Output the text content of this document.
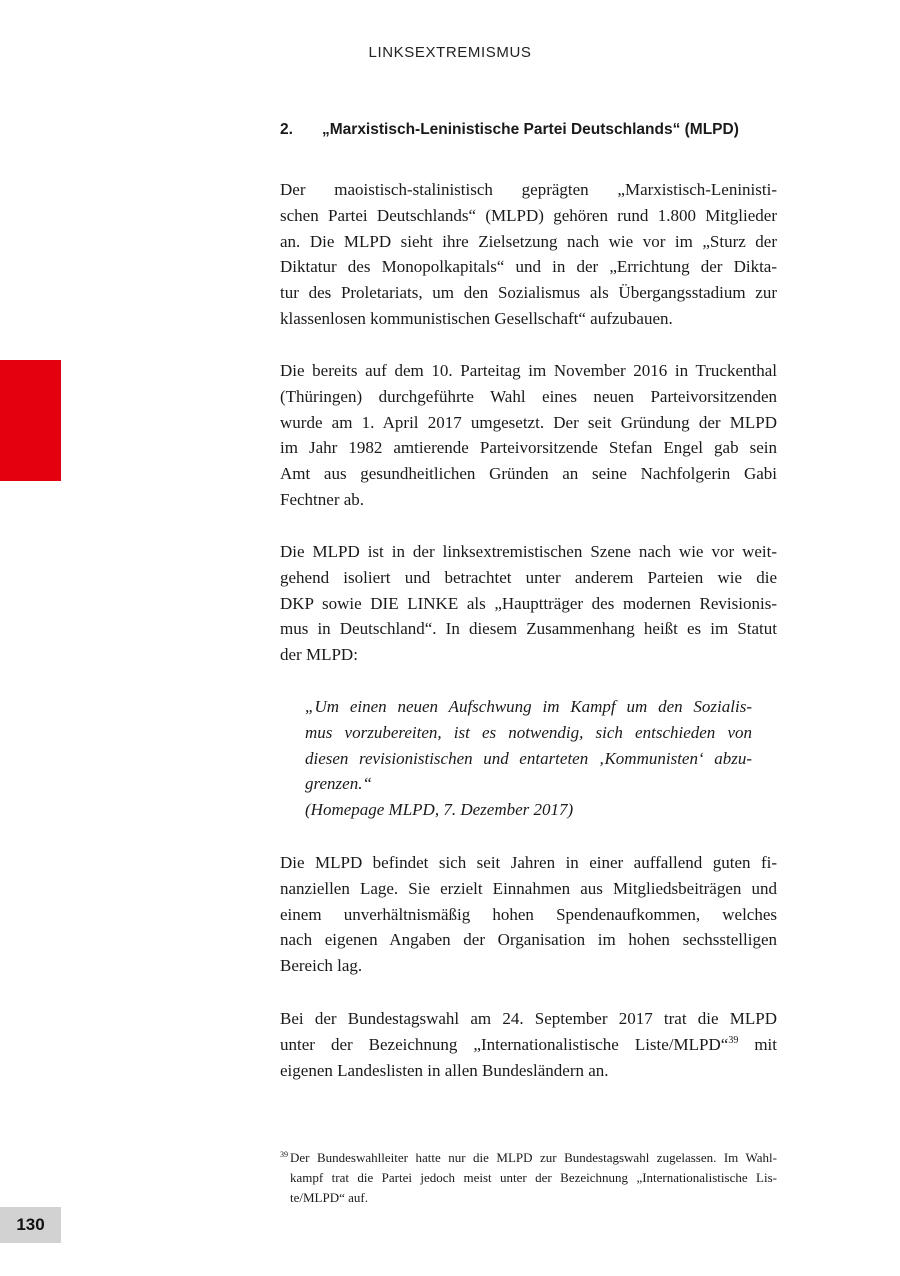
LINKSEXTREMISMUS
2. „Marxistisch-Leninistische Partei Deutschlands“ (MLPD)
Der maoistisch-stalinistisch geprägten „Marxistisch-Leninisti-
schen Partei Deutschlands“ (MLPD) gehören rund 1.800 Mitglieder
an. Die MLPD sieht ihre Zielsetzung nach wie vor im „Sturz der
Diktatur des Monopolkapitals“ und in der „Errichtung der Dikta-
tur des Proletariats, um den Sozialismus als Übergangsstadium zur
klassenlosen kommunistischen Gesellschaft“ aufzubauen.
Die bereits auf dem 10. Parteitag im November 2016 in Truckenthal
(Thüringen) durchgeführte Wahl eines neuen Parteivorsitzenden
wurde am 1. April 2017 umgesetzt. Der seit Gründung der MLPD
im Jahr 1982 amtierende Parteivorsitzende Stefan Engel gab sein
Amt aus gesundheitlichen Gründen an seine Nachfolgerin Gabi
Fechtner ab.
Die MLPD ist in der linksextremistischen Szene nach wie vor weit-
gehend isoliert und betrachtet unter anderem Parteien wie die
DKP sowie DIE LINKE als „Hauptträger des modernen Revisionis-
mus in Deutschland“. In diesem Zusammenhang heißt es im Statut
der MLPD:
„Um einen neuen Aufschwung im Kampf um den Sozialis-
mus vorzubereiten, ist es notwendig, sich entschieden von
diesen revisionistischen und entarteten ‚Kommunisten‘ abzu-
grenzen.“
(Homepage MLPD, 7. Dezember 2017)
Die MLPD befindet sich seit Jahren in einer auffallend guten fi-
nanziellen Lage. Sie erzielt Einnahmen aus Mitgliedsbeiträgen und
einem unverhältnismäßig hohen Spendenaufkommen, welches
nach eigenen Angaben der Organisation im hohen sechsstelligen
Bereich lag.
Bei der Bundestagswahl am 24. September 2017 trat die MLPD
unter der Bezeichnung „Internationalistische Liste/MLPD“$^{39}$ mit
eigenen Landeslisten in allen Bundesländern an.
$^{39}$ Der Bundeswahlleiter hatte nur die MLPD zur Bundestagswahl zugelassen. Im Wahl-
kampf trat die Partei jedoch meist unter der Bezeichnung „Internationalistische Lis-
te/MLPD“ auf.
130
